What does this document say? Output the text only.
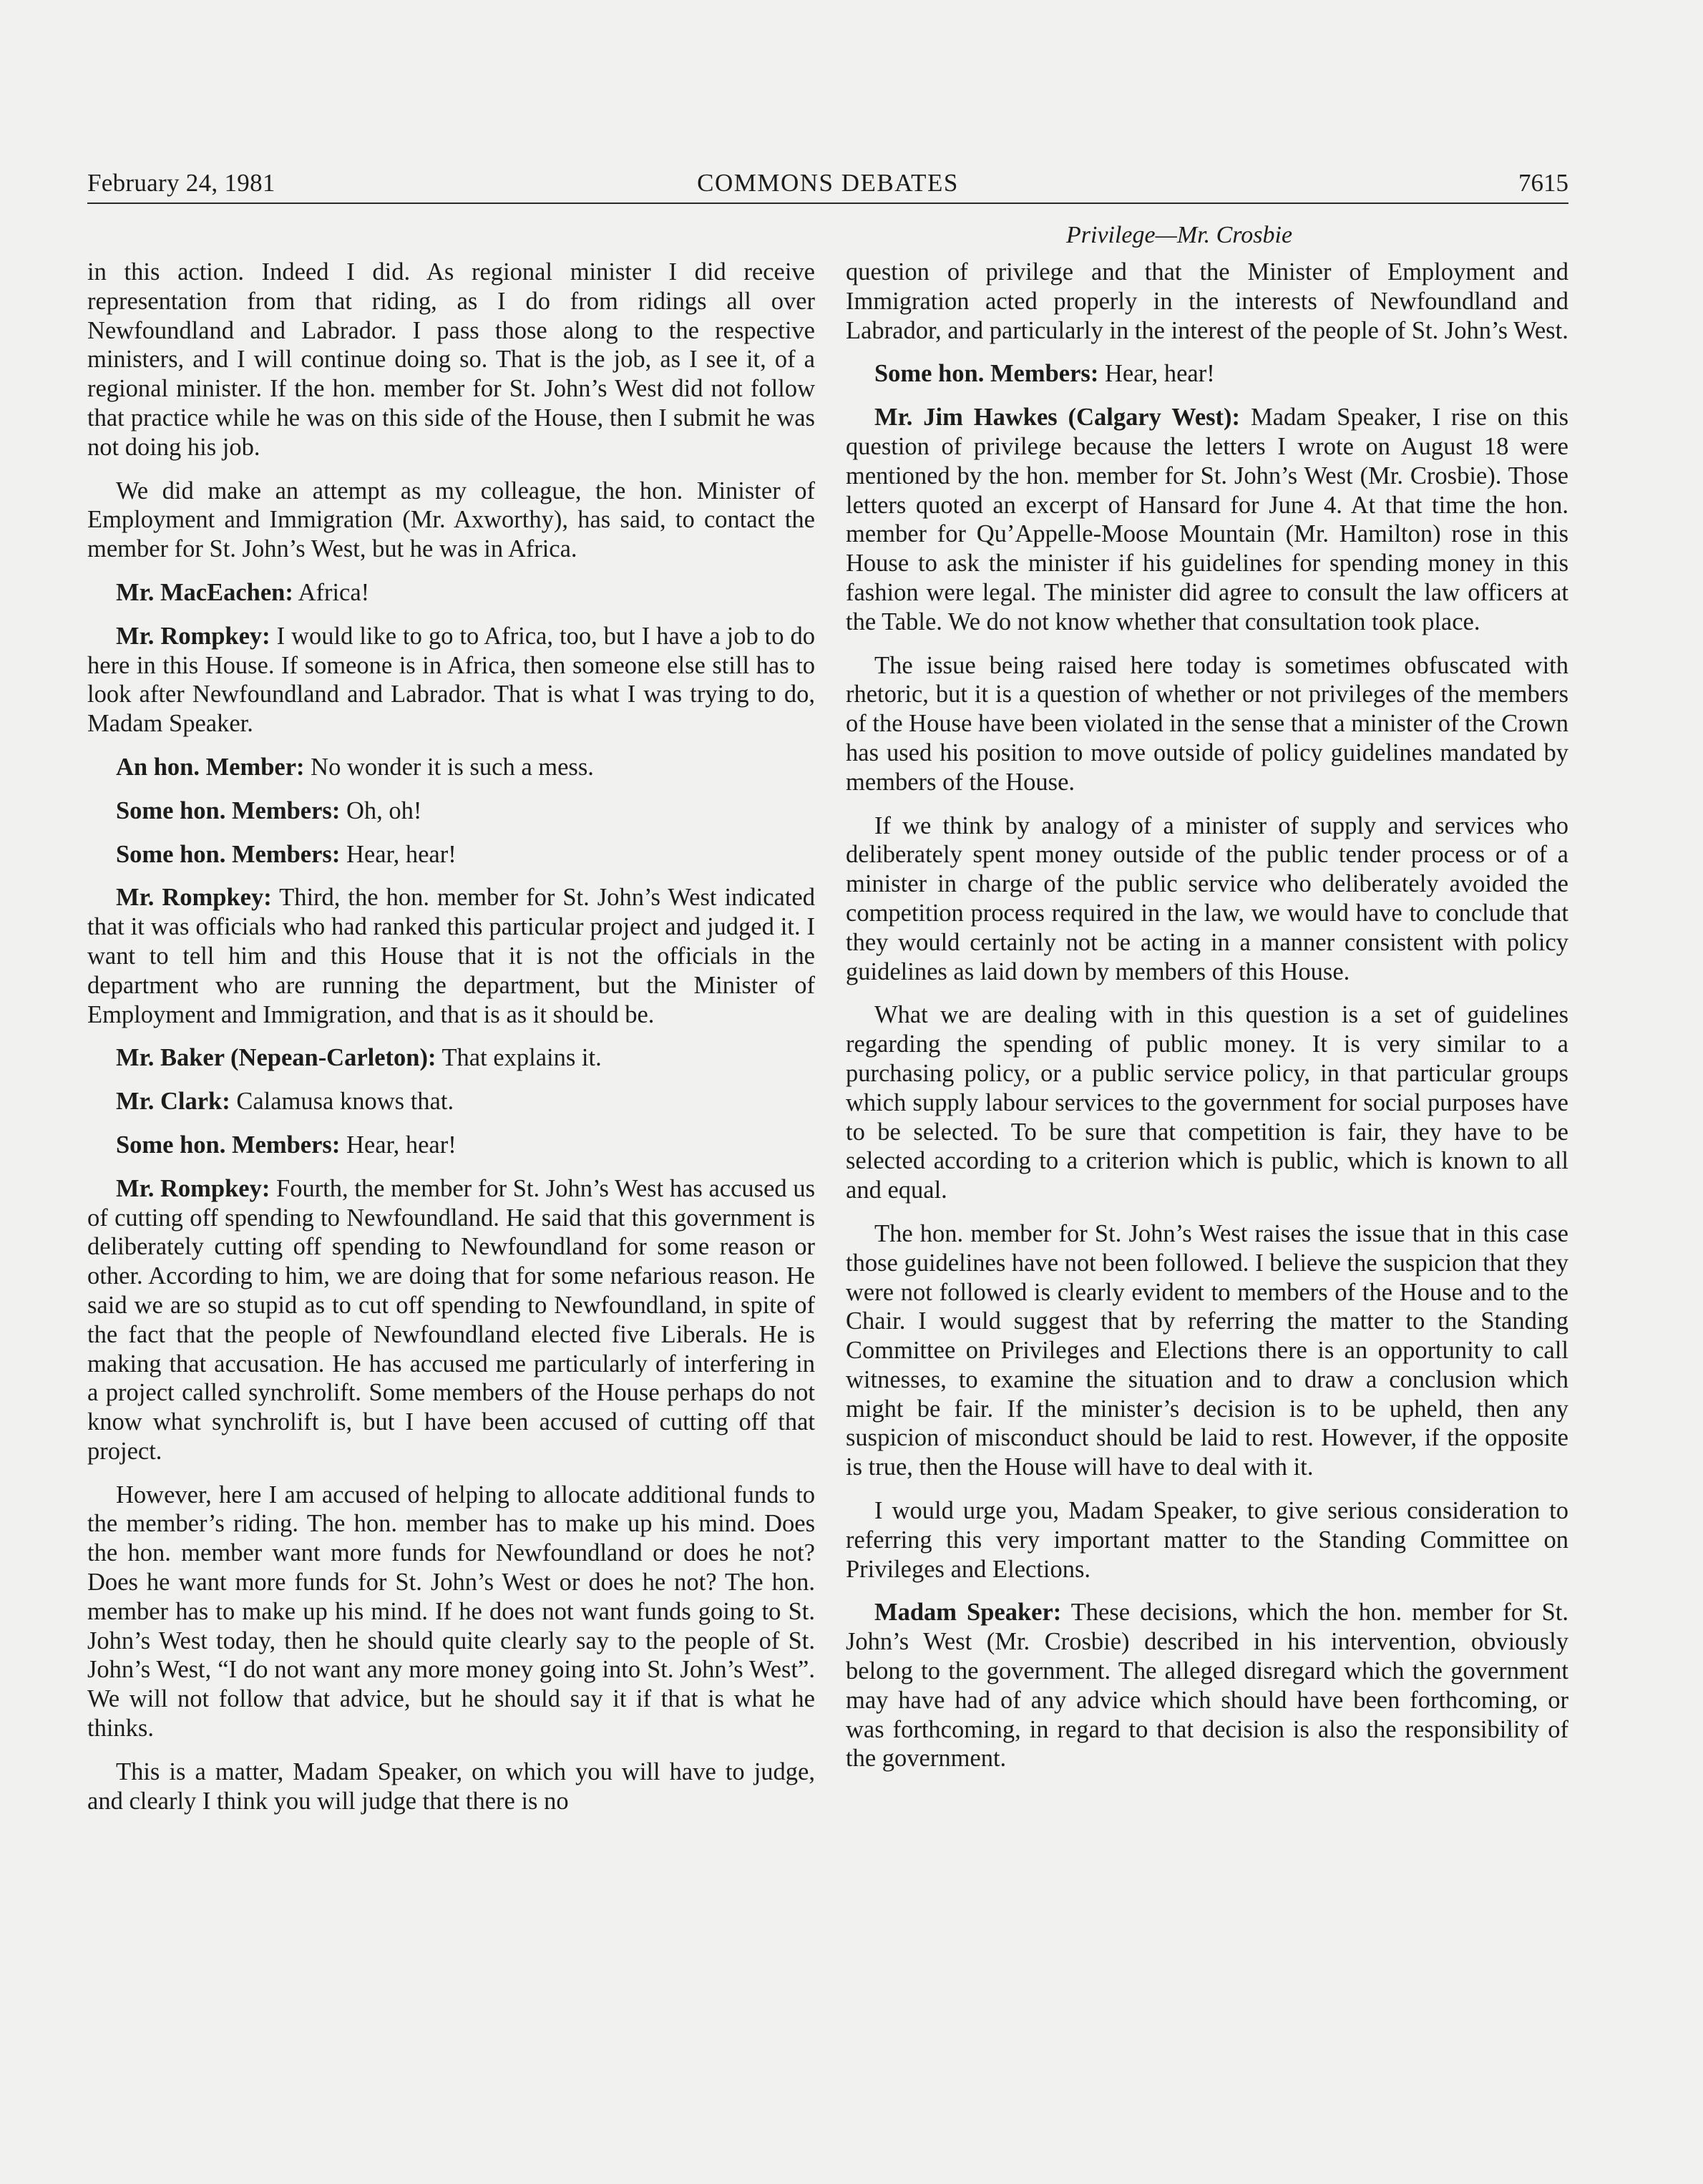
February 24, 1981	COMMONS DEBATES	7615
Privilege—Mr. Crosbie

in this action. Indeed I did. As regional minister I did receive representation from that riding, as I do from ridings all over Newfoundland and Labrador. I pass those along to the respective ministers, and I will continue doing so. That is the job, as I see it, of a regional minister. If the hon. member for St. John’s West did not follow that practice while he was on this side of the House, then I submit he was not doing his job.

We did make an attempt as my colleague, the hon. Minister of Employment and Immigration (Mr. Axworthy), has said, to contact the member for St. John’s West, but he was in Africa.

Mr. MacEachen: Africa!

Mr. Rompkey: I would like to go to Africa, too, but I have a job to do here in this House. If someone is in Africa, then someone else still has to look after Newfoundland and Labrador. That is what I was trying to do, Madam Speaker.

An hon. Member: No wonder it is such a mess.

Some hon. Members: Oh, oh!

Some hon. Members: Hear, hear!

Mr. Rompkey: Third, the hon. member for St. John’s West indicated that it was officials who had ranked this particular project and judged it. I want to tell him and this House that it is not the officials in the department who are running the department, but the Minister of Employment and Immigration, and that is as it should be.

Mr. Baker (Nepean-Carleton): That explains it.

Mr. Clark: Calamusa knows that.

Some hon. Members: Hear, hear!

Mr. Rompkey: Fourth, the member for St. John’s West has accused us of cutting off spending to Newfoundland. He said that this government is deliberately cutting off spending to Newfoundland for some reason or other. According to him, we are doing that for some nefarious reason. He said we are so stupid as to cut off spending to Newfoundland, in spite of the fact that the people of Newfoundland elected five Liberals. He is making that accusation. He has accused me particularly of interfering in a project called synchrolift. Some members of the House perhaps do not know what synchrolift is, but I have been accused of cutting off that project.

However, here I am accused of helping to allocate additional funds to the member’s riding. The hon. member has to make up his mind. Does the hon. member want more funds for Newfoundland or does he not? Does he want more funds for St. John’s West or does he not? The hon. member has to make up his mind. If he does not want funds going to St. John’s West today, then he should quite clearly say to the people of St. John’s West, “I do not want any more money going into St. John’s West”. We will not follow that advice, but he should say it if that is what he thinks.

This is a matter, Madam Speaker, on which you will have to judge, and clearly I think you will judge that there is no

question of privilege and that the Minister of Employment and Immigration acted properly in the interests of Newfoundland and Labrador, and particularly in the interest of the people of St. John’s West.

Some hon. Members: Hear, hear!

Mr. Jim Hawkes (Calgary West): Madam Speaker, I rise on this question of privilege because the letters I wrote on August 18 were mentioned by the hon. member for St. John’s West (Mr. Crosbie). Those letters quoted an excerpt of Hansard for June 4. At that time the hon. member for Qu’Appelle-Moose Mountain (Mr. Hamilton) rose in this House to ask the minister if his guidelines for spending money in this fashion were legal. The minister did agree to consult the law officers at the Table. We do not know whether that consultation took place.

The issue being raised here today is sometimes obfuscated with rhetoric, but it is a question of whether or not privileges of the members of the House have been violated in the sense that a minister of the Crown has used his position to move outside of policy guidelines mandated by members of the House.

If we think by analogy of a minister of supply and services who deliberately spent money outside of the public tender process or of a minister in charge of the public service who deliberately avoided the competition process required in the law, we would have to conclude that they would certainly not be acting in a manner consistent with policy guidelines as laid down by members of this House.

What we are dealing with in this question is a set of guidelines regarding the spending of public money. It is very similar to a purchasing policy, or a public service policy, in that particular groups which supply labour services to the government for social purposes have to be selected. To be sure that competition is fair, they have to be selected according to a criterion which is public, which is known to all and equal.

The hon. member for St. John’s West raises the issue that in this case those guidelines have not been followed. I believe the suspicion that they were not followed is clearly evident to members of the House and to the Chair. I would suggest that by referring the matter to the Standing Committee on Privileges and Elections there is an opportunity to call witnesses, to examine the situation and to draw a conclusion which might be fair. If the minister’s decision is to be upheld, then any suspicion of misconduct should be laid to rest. However, if the opposite is true, then the House will have to deal with it.

I would urge you, Madam Speaker, to give serious consideration to referring this very important matter to the Standing Committee on Privileges and Elections.

Madam Speaker: These decisions, which the hon. member for St. John’s West (Mr. Crosbie) described in his intervention, obviously belong to the government. The alleged disregard which the government may have had of any advice which should have been forthcoming, or was forthcoming, in regard to that decision is also the responsibility of the government.
